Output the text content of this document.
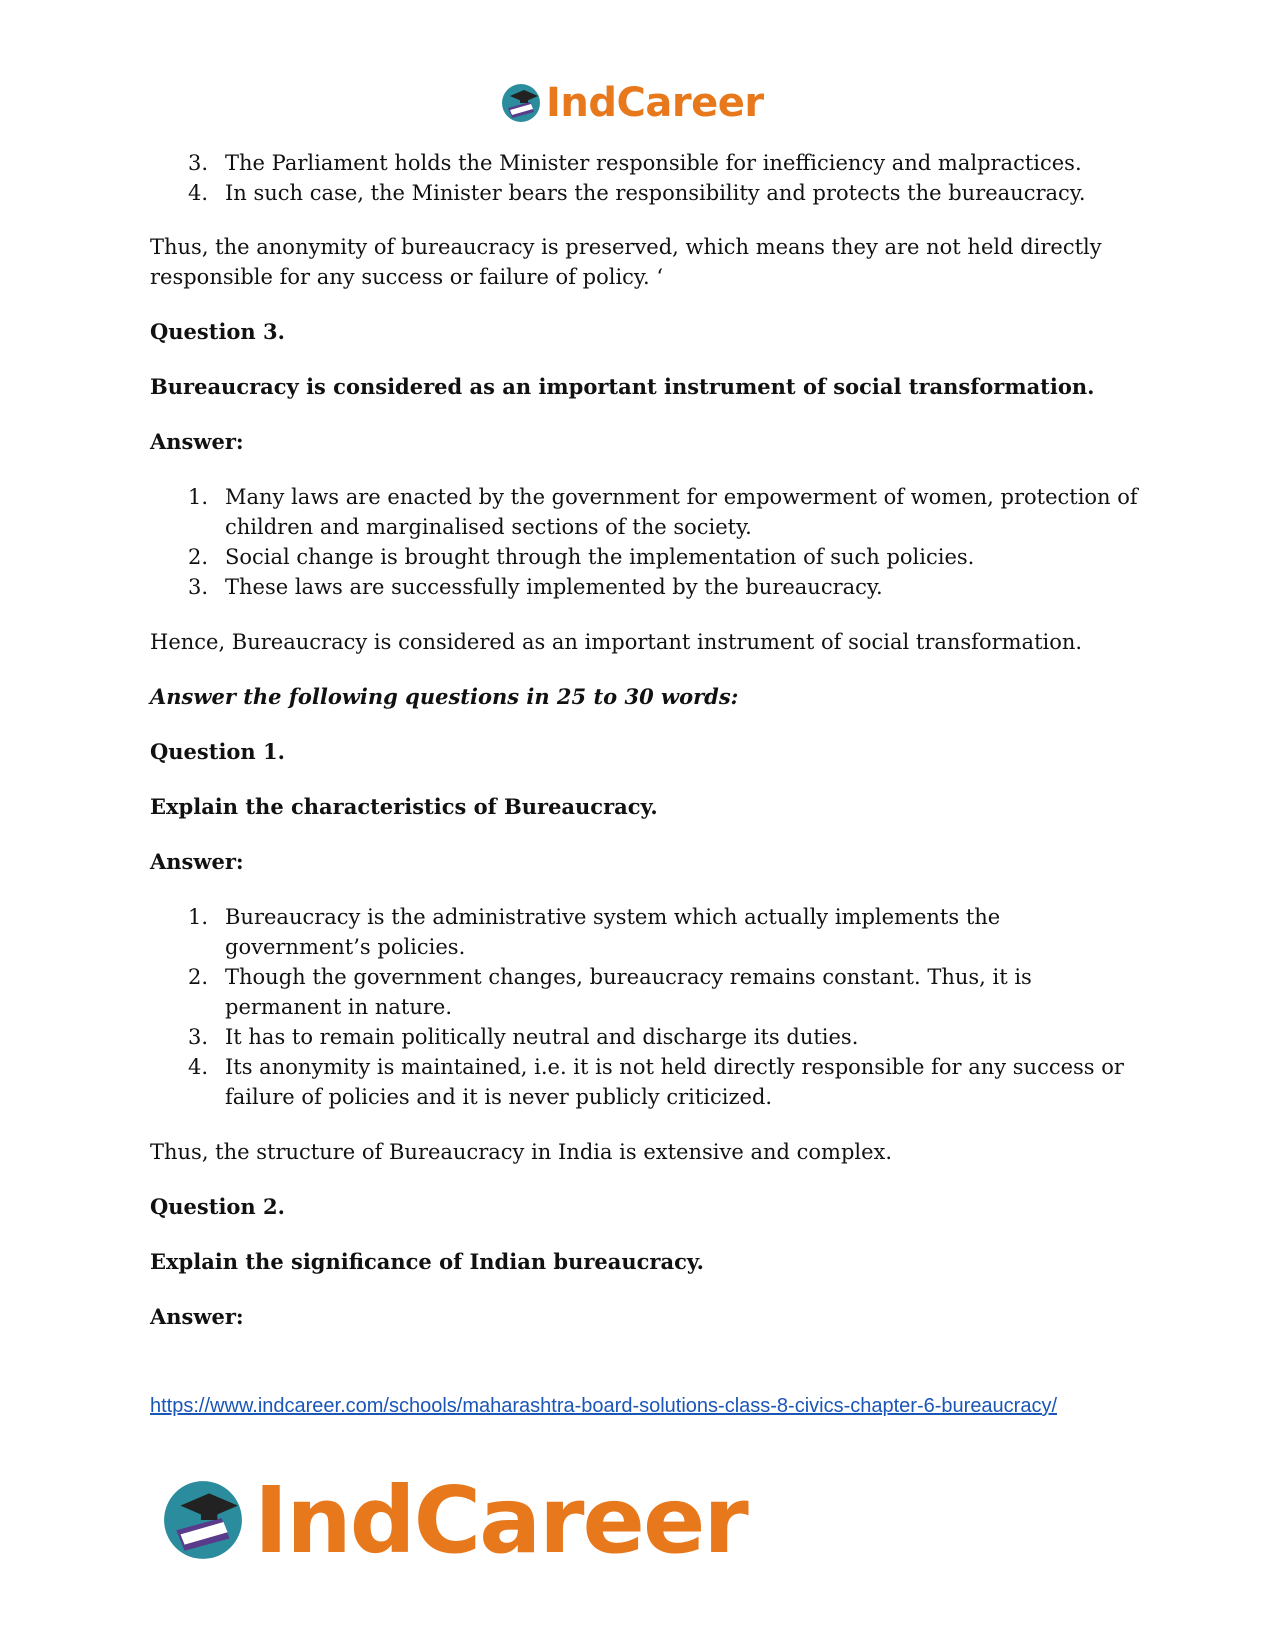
IndCareer
3. The Parliament holds the Minister responsible for inefficiency and malpractices.
4. In such case, the Minister bears the responsibility and protects the bureaucracy.

Thus, the anonymity of bureaucracy is preserved, which means they are not held directly responsible for any success or failure of policy. ‘

Question 3.

Bureaucracy is considered as an important instrument of social transformation.

Answer:

1. Many laws are enacted by the government for empowerment of women, protection of children and marginalised sections of the society.
2. Social change is brought through the implementation of such policies.
3. These laws are successfully implemented by the bureaucracy.

Hence, Bureaucracy is considered as an important instrument of social transformation.

Answer the following questions in 25 to 30 words:

Question 1.

Explain the characteristics of Bureaucracy.

Answer:

1. Bureaucracy is the administrative system which actually implements the government’s policies.
2. Though the government changes, bureaucracy remains constant. Thus, it is permanent in nature.
3. It has to remain politically neutral and discharge its duties.
4. Its anonymity is maintained, i.e. it is not held directly responsible for any success or failure of policies and it is never publicly criticized.

Thus, the structure of Bureaucracy in India is extensive and complex.

Question 2.

Explain the significance of Indian bureaucracy.

Answer:

https://www.indcareer.com/schools/maharashtra-board-solutions-class-8-civics-chapter-6-bureaucracy/
IndCareer
